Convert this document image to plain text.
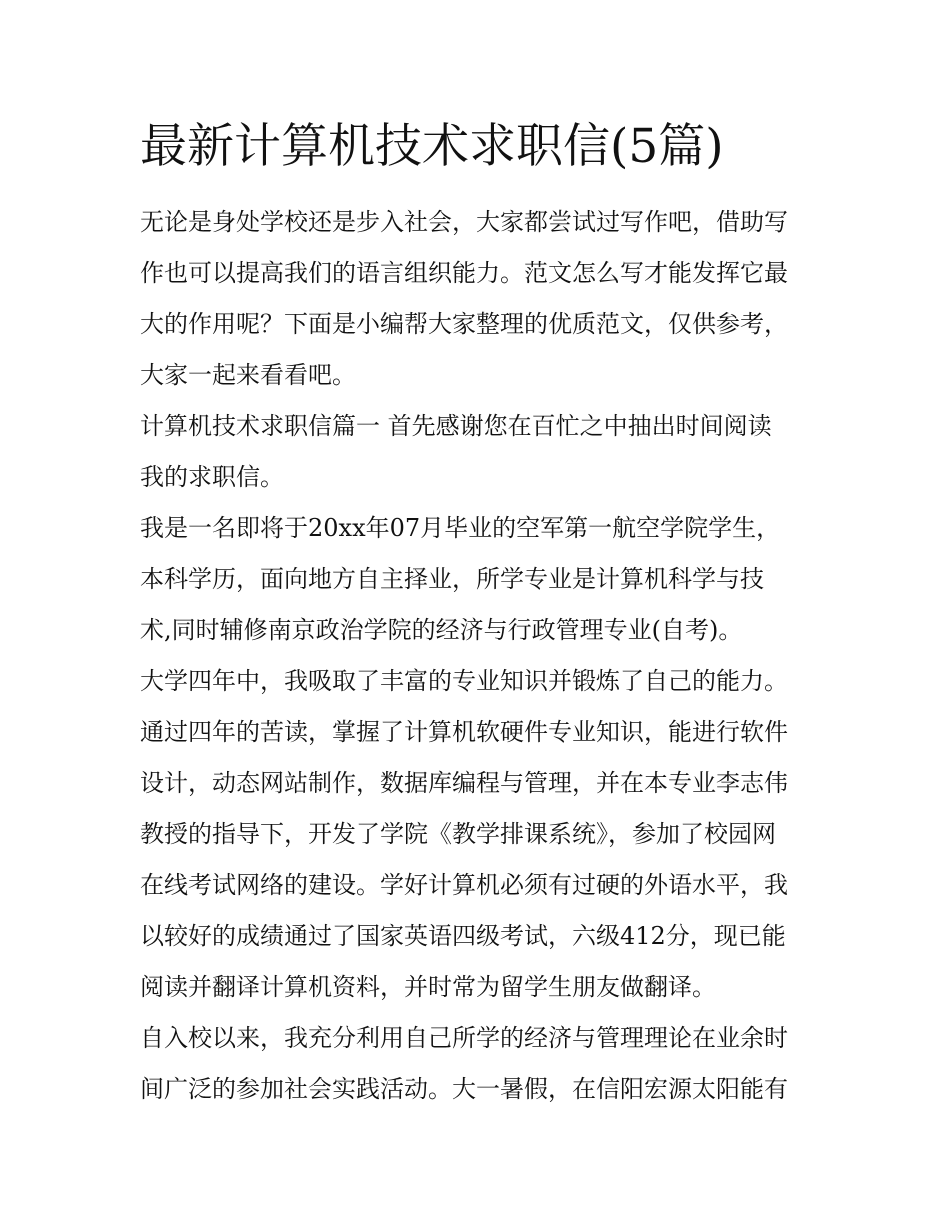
最新计算机技术求职信(5篇)

无论是身处学校还是步入社会，大家都尝试过写作吧，借助写
作也可以提高我们的语言组织能力。范文怎么写才能发挥它最
大的作用呢？下面是小编帮大家整理的优质范文，仅供参考，
大家一起来看看吧。

计算机技术求职信篇一 首先感谢您在百忙之中抽出时间阅读
我的求职信。

我是一名即将于20xx年07月毕业的空军第一航空学院学生，
本科学历，面向地方自主择业，所学专业是计算机科学与技
术,同时辅修南京政治学院的经济与行政管理专业(自考)。

大学四年中，我吸取了丰富的专业知识并锻炼了自己的能力。
通过四年的苦读，掌握了计算机软硬件专业知识，能进行软件
设计，动态网站制作，数据库编程与管理，并在本专业李志伟
教授的指导下，开发了学院《教学排课系统》，参加了校园网
在线考试网络的建设。学好计算机必须有过硬的外语水平，我
以较好的成绩通过了国家英语四级考试，六级412分，现已能
阅读并翻译计算机资料，并时常为留学生朋友做翻译。

自入校以来，我充分利用自己所学的经济与管理理论在业余时
间广泛的参加社会实践活动。大一暑假，在信阳宏源太阳能有
